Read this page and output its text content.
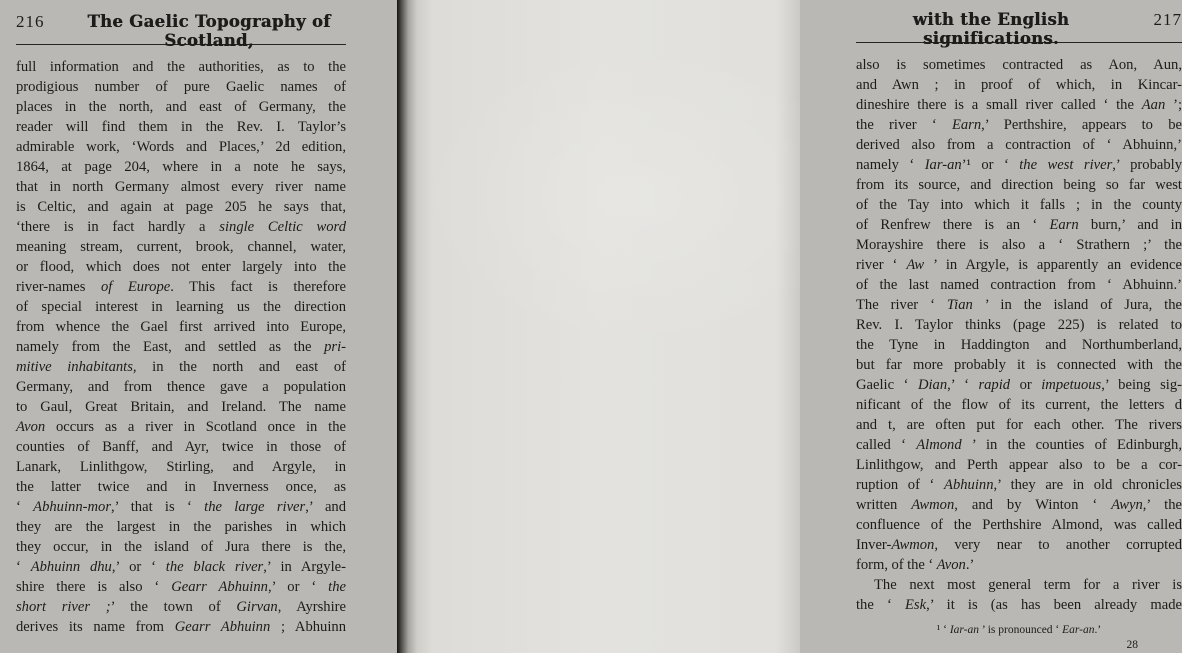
216	The Gaelic Topography of Scotland,
full information and the authorities, as to the
prodigious number of pure Gaelic names of
places in the north, and east of Germany, the
reader will find them in the Rev. I. Taylor’s
admirable work, ‘Words and Places,’ 2d edition,
1864, at page 204, where in a note he says,
that in north Germany almost every river name
is Celtic, and again at page 205 he says that,
‘there is in fact hardly a single Celtic word
meaning stream, current, brook, channel, water,
or flood, which does not enter largely into the
river-names of Europe. This fact is therefore
of special interest in learning us the direction
from whence the Gael first arrived into Europe,
namely from the East, and settled as the pri-
mitive inhabitants, in the north and east of
Germany, and from thence gave a population
to Gaul, Great Britain, and Ireland. The name
Avon occurs as a river in Scotland once in the
counties of Banff, and Ayr, twice in those of
Lanark, Linlithgow, Stirling, and Argyle, in
the latter twice and in Inverness once, as
‘ Abhuinn-mor,’ that is ‘ the large river,’ and
they are the largest in the parishes in which
they occur, in the island of Jura there is the,
‘ Abhuinn dhu,’ or ‘ the black river,’ in Argyle-
shire there is also ‘ Gearr Abhuinn,’ or ‘ the
short river ;’ the town of Girvan, Ayrshire
derives its name from Gearr Abhuinn ; Abhuinn
with the English significations.
217
also is sometimes contracted as Aon, Aun,
and Awn ; in proof of which, in Kincar-
dineshire there is a small river called ‘ the Aan ’;
the river ‘ Earn,’ Perthshire, appears to be
derived also from a contraction of ‘ Abhuinn,’
namely ‘ Iar-an’¹ or ‘ the west river,’ probably
from its source, and direction being so far west
of the Tay into which it falls ; in the county
of Renfrew there is an ‘ Earn burn,’ and in
Morayshire there is also a ‘ Strathern ;’ the
river ‘ Aw ’ in Argyle, is apparently an evidence
of the last named contraction from ‘ Abhuinn.’
The river ‘ Tian ’ in the island of Jura, the
Rev. I. Taylor thinks (page 225) is related to
the Tyne in Haddington and Northumberland,
but far more probably it is connected with the
Gaelic ‘ Dian,’ ‘ rapid or impetuous,’ being sig-
nificant of the flow of its current, the letters d
and t, are often put for each other. The rivers
called ‘ Almond ’ in the counties of Edinburgh,
Linlithgow, and Perth appear also to be a cor-
ruption of ‘ Abhuinn,’ they are in old chronicles
written Awmon, and by Winton ‘ Awyn,’ the
confluence of the Perthshire Almond, was called
Inver-Awmon, very near to another corrupted
form, of the ‘ Avon.’
The next most general term for a river is
the ‘ Esk,’ it is (as has been already made
¹ ‘ Iar-an ’ is pronounced ‘ Ear-an.’
28
